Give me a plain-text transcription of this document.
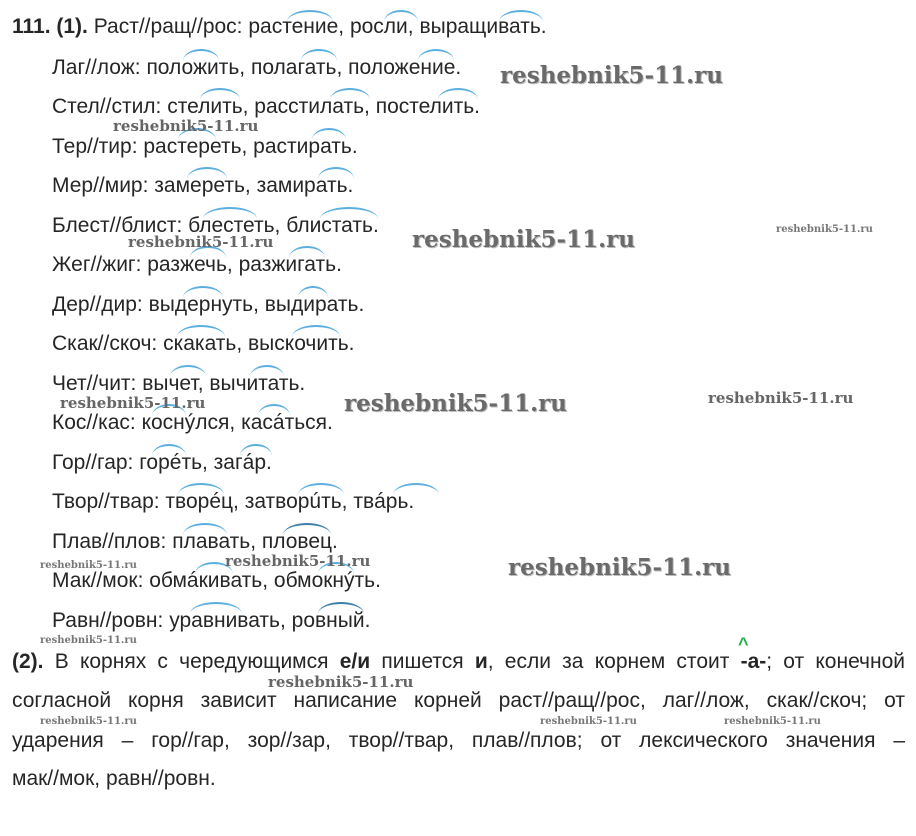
111. (1). Раст//ращ//рос: растение, росли, выращивать.
Лаг//лож: положить, полагать, положение.
Стел//стил: стелить, расстилать, постелить.
Тер//тир: растереть, растирать.
Мер//мир: замереть, замирать.
Блест//блист: блестеть, блистать.
Жег//жиг: разжечь, разжигать.
Дер//дир: выдернуть, выдирать.
Скак//скоч: скакать, выскочить.
Чет//чит: вычет, вычитать.
Кос//кас: коснýлся, касáться.
Гор//гар: горéть, загáр.
Твор//твар: творéц, затворúть, твáрь.
Плав//плов: плавать, пловец.
Мак//мок: обмáкивать, обмокнýть.
Равн//ровн: уравнивать, ровный.
(2). В корнях с чередующимся е/и пишется и, если за корнем стоит -а-; от конечной
^
согласной корня зависит написание корней раст//ращ//рос, лаг//лож, скак//скоч; от
ударения – гор//гар, зор//зар, твор//твар, плав//плов; от лексического значения –
мак//мок, равн//ровн.
reshebnik5-11.ru
reshebnik5-11.ru
reshebnik5-11.ru	reshebnik5-11.ru
reshebnik5-11.ru
reshebnik5-11.ru
reshebnik5-11.ru	reshebnik5-11.ru
reshebnik5-11.ru	reshebnik5-11.ru	reshebnik5-11.ru
reshebnik5-11.ru
reshebnik5-11.ru
reshebnik5-11.ru	reshebnik5-11.ru	reshebnik5-11.ru
